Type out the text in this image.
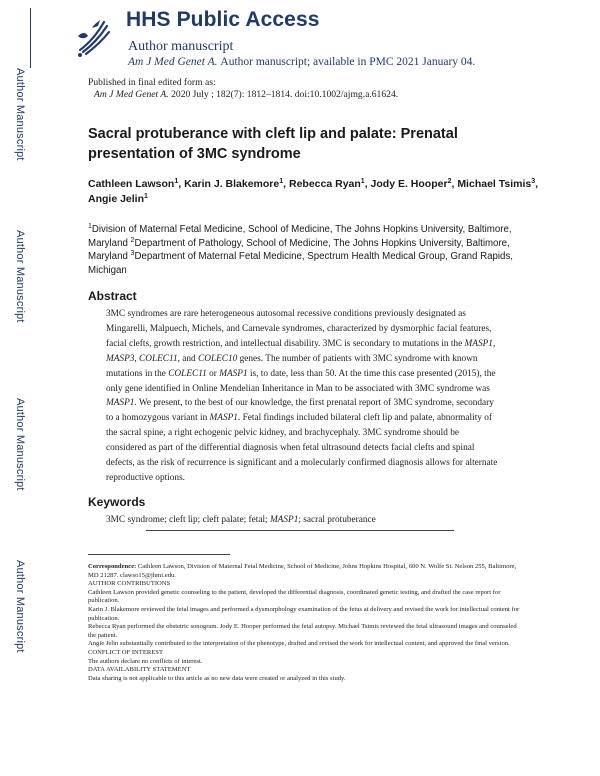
Author Manuscript
Author Manuscript
Author Manuscript
Author Manuscript
HHS Public Access
Author manuscript
Am J Med Genet A. Author manuscript; available in PMC 2021 January 04.
Published in final edited form as:
Am J Med Genet A. 2020 July ; 182(7): 1812–1814. doi:10.1002/ajmg.a.61624.
Sacral protuberance with cleft lip and palate: Prenatal presentation of 3MC syndrome
Cathleen Lawson$^1$, Karin J. Blakemore$^1$, Rebecca Ryan$^1$, Jody E. Hooper$^2$, Michael Tsimis$^3$, Angie Jelin$^1$
$^1$Division of Maternal Fetal Medicine, School of Medicine, The Johns Hopkins University, Baltimore, Maryland $^2$Department of Pathology, School of Medicine, The Johns Hopkins University, Baltimore, Maryland $^3$Department of Maternal Fetal Medicine, Spectrum Health Medical Group, Grand Rapids, Michigan
Abstract
3MC syndromes are rare heterogeneous autosomal recessive conditions previously designated as Mingarelli, Malpuech, Michels, and Carnevale syndromes, characterized by dysmorphic facial features, facial clefts, growth restriction, and intellectual disability. 3MC is secondary to mutations in the MASP1, MASP3, COLEC11, and COLEC10 genes. The number of patients with 3MC syndrome with known mutations in the COLEC11 or MASP1 is, to date, less than 50. At the time this case presented (2015), the only gene identified in Online Mendelian Inheritance in Man to be associated with 3MC syndrome was MASP1. We present, to the best of our knowledge, the first prenatal report of 3MC syndrome, secondary to a homozygous variant in MASP1. Fetal findings included bilateral cleft lip and palate, abnormality of the sacral spine, a right echogenic pelvic kidney, and brachycephaly. 3MC syndrome should be considered as part of the differential diagnosis when fetal ultrasound detects facial clefts and spinal defects, as the risk of recurrence is significant and a molecularly confirmed diagnosis allows for alternate reproductive options.
Keywords
3MC syndrome; cleft lip; cleft palate; fetal; MASP1; sacral protuberance

Correspondence: Cathleen Lawson, Division of Maternal Fetal Medicine, School of Medicine, Johns Hopkins Hospital, 600 N. Wolfe St. Nelson 255, Baltimore, MD 21287. clawso15@jhmi.edu.

AUTHOR CONTRIBUTIONS

Cathleen Lawson provided genetic counseling to the patient, developed the differential diagnosis, coordinated genetic testing, and drafted the case report for publication.

Karin J. Blakemore reviewed the fetal images and performed a dysmorphology examination of the fetus at delivery and revised the work for intellectual content for publication.

Rebecca Ryan performed the obstetric sonogram. Jody E. Hooper performed the fetal autopsy. Michael Tsimis reviewed the fetal ultrasound images and counseled the patient.

Angie Jelin substantially contributed to the interpretation of the phenotype, drafted and revised the work for intellectual content, and approved the final version.

CONFLICT OF INTEREST

The authors declare no conflicts of interest.

DATA AVAILABILITY STATEMENT

Data sharing is not applicable to this article as no new data were created or analyzed in this study.
